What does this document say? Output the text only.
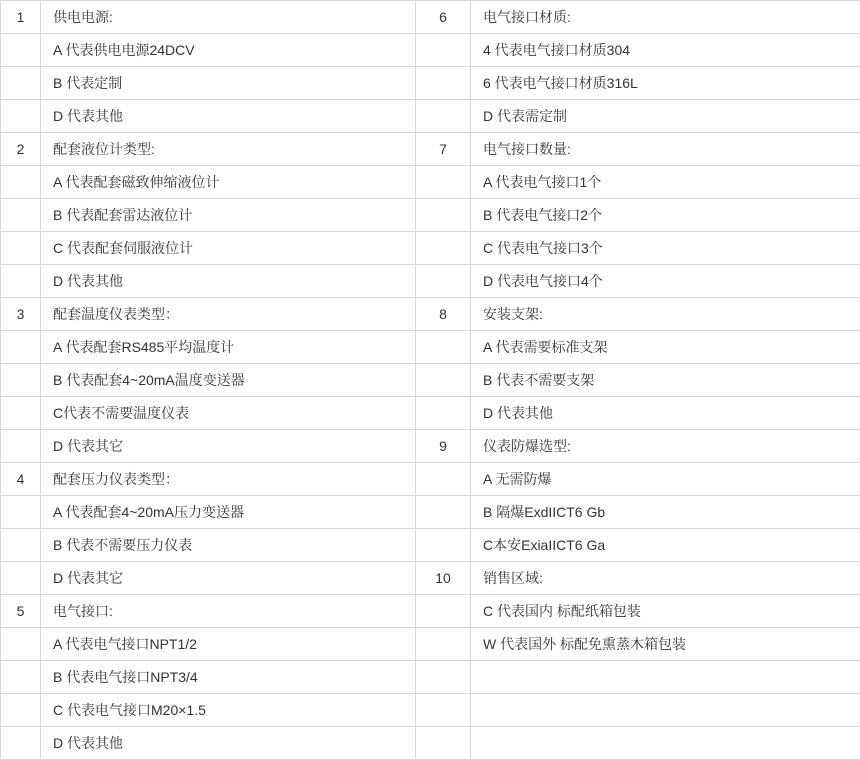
1	供电电源:	6	电气接口材质:
	A 代表供电电源24DCV		4 代表电气接口材质304
	B 代表定制		6 代表电气接口材质316L
	D 代表其他		D 代表需定制
2	配套液位计类型:	7	电气接口数量:
	A 代表配套磁致伸缩液位计		A 代表电气接口1个
	B 代表配套雷达液位计		B 代表电气接口2个
	C 代表配套伺服液位计		C 代表电气接口3个
	D 代表其他		D 代表电气接口4个
3	配套温度仪表类型：	8	安装支架:
	A 代表配套RS485平均温度计		A 代表需要标准支架
	B 代表配套4~20mA温度变送器		B 代表不需要支架
	C代表不需要温度仪表		D 代表其他
	D 代表其它	9	仪表防爆选型:
4	配套压力仪表类型：		A 无需防爆
	A 代表配套4~20mA压力变送器		B 隔爆ExdIICT6 Gb
	B 代表不需要压力仪表		C本安ExiaIICT6 Ga
	D 代表其它	10	销售区域:
5	电气接口:		C 代表国内 标配纸箱包装
	A 代表电气接口NPT1/2		W 代表国外 标配免熏蒸木箱包装
	B 代表电气接口NPT3/4		
	C 代表电气接口M20×1.5		
	D 代表其他		
